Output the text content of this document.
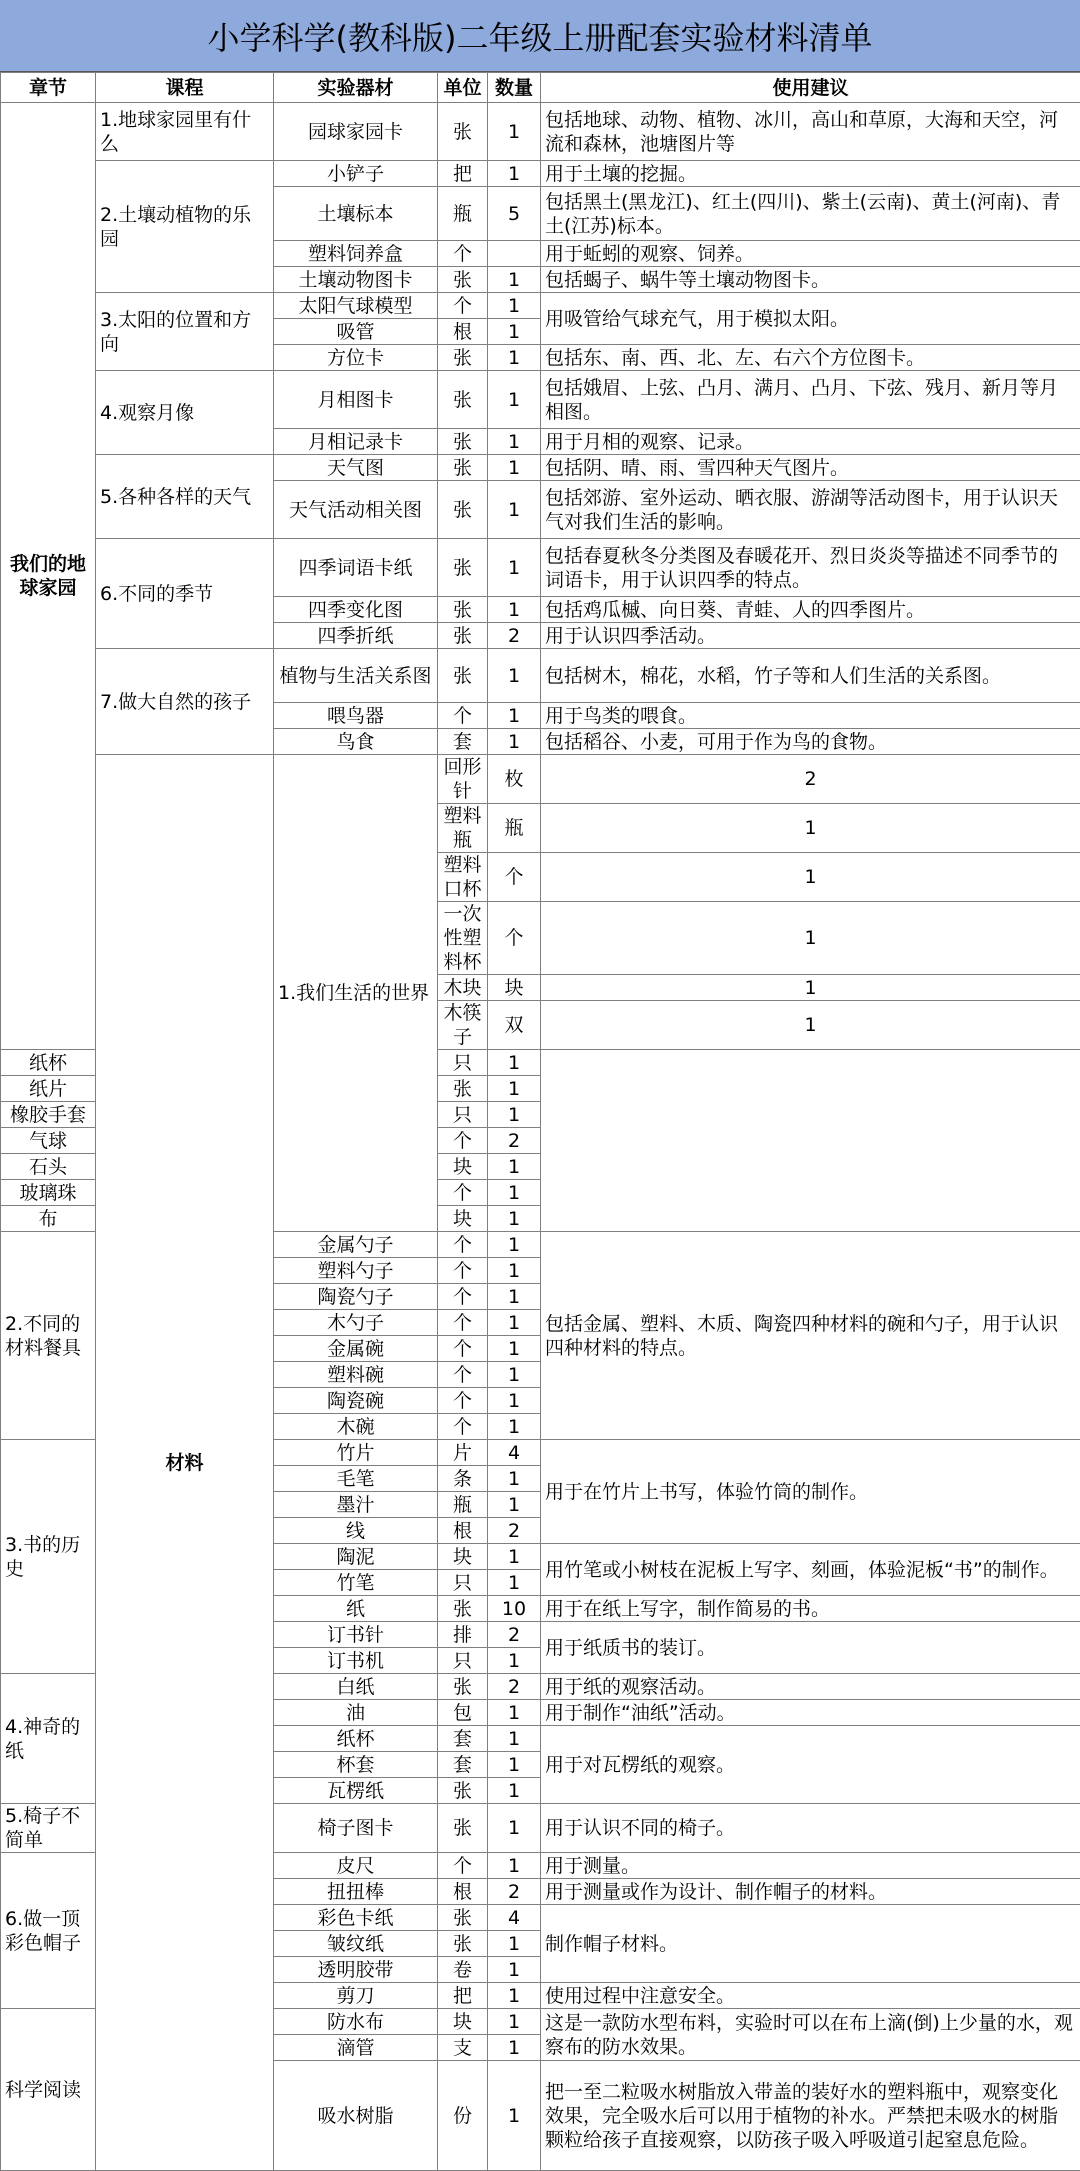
小学科学(教科版)二年级上册配套实验材料清单
章节	课程	实验器材	单位	数量	使用建议	
我们的地球家园	1.地球家园里有什么	园球家园卡	张	1	包括地球、动物、植物、冰川，高山和草原，大海和天空，河流和森林，池塘图片等	
	2.土壤动植物的乐园	小铲子	把	1	用于土壤的挖掘。	
		土壤标本	瓶	5	包括黑土(黑龙江)、红土(四川)、紫土(云南)、黄土(河南)、青土(江苏)标本。	
		塑料饲养盒	个		用于蚯蚓的观察、饲养。	
		土壤动物图卡	张	1	包括蝎子、蜗牛等土壤动物图卡。	
	3.太阳的位置和方向	太阳气球模型	个	1	用吸管给气球充气，用于模拟太阳。	
		吸管	根	1		
		方位卡	张	1	包括东、南、西、北、左、右六个方位图卡。	
	4.观察月像	月相图卡	张	1	包括娥眉、上弦、凸月、满月、凸月、下弦、残月、新月等月相图。	
		月相记录卡	张	1	用于月相的观察、记录。	
	5.各种各样的天气	天气图	张	1	包括阴、晴、雨、雪四种天气图片。	
		天气活动相关图	张	1	包括郊游、室外运动、晒衣服、游湖等活动图卡，用于认识天气对我们生活的影响。	
	6.不同的季节	四季词语卡纸	张	1	包括春夏秋冬分类图及春暖花开、烈日炎炎等描述不同季节的词语卡，用于认识四季的特点。	
		四季变化图	张	1	包括鸡瓜槭、向日葵、青蛙、人的四季图片。	
		四季折纸	张	2	用于认识四季活动。	
	7.做大自然的孩子	植物与生活关系图	张	1	包括树木，棉花，水稻，竹子等和人们生活的关系图。	
		喂鸟器	个	1	用于鸟类的喂食。	
		鸟食	套	1	包括稻谷、小麦，可用于作为鸟的食物。	
	材料	1.我们生活的世界	回形针	枚	2	
			塑料瓶	瓶	1	
			塑料口杯	个	1	
			一次性塑料杯	个	1	
			木块	块	1	
			木筷子	双	1	
纸杯			只	1		
纸片			张	1		
橡胶手套			只	1		
气球			个	2		
石头			块	1		
玻璃珠			个	1		
布			块	1		
2.不同的材料餐具		金属勺子	个	1	包括金属、塑料、木质、陶瓷四种材料的碗和勺子，用于认识四种材料的特点。	
		塑料勺子	个	1		
		陶瓷勺子	个	1		
		木勺子	个	1		
		金属碗	个	1		
		塑料碗	个	1		
		陶瓷碗	个	1		
		木碗	个	1		
3.书的历史		竹片	片	4	用于在竹片上书写，体验竹筒的制作。	
		毛笔	条	1		
		墨汁	瓶	1		
		线	根	2		
		陶泥	块	1	用竹笔或小树枝在泥板上写字、刻画，体验泥板“书”的制作。	
		竹笔	只	1		
		纸	张	10	用于在纸上写字，制作简易的书。	
		订书针	排	2	用于纸质书的装订。	
		订书机	只	1		
4.神奇的纸		白纸	张	2	用于纸的观察活动。	
		油	包	1	用于制作“油纸”活动。	
		纸杯	套	1	用于对瓦楞纸的观察。	
		杯套	套	1		
		瓦楞纸	张	1		
5.椅子不简单		椅子图卡	张	1	用于认识不同的椅子。	
6.做一顶彩色帽子		皮尺	个	1	用于测量。	
		扭扭棒	根	2	用于测量或作为设计、制作帽子的材料。	
		彩色卡纸	张	4	制作帽子材料。	
		皱纹纸	张	1		
		透明胶带	卷	1		
		剪刀	把	1	使用过程中注意安全。	
科学阅读		防水布	块	1	这是一款防水型布料，实验时可以在布上滴(倒)上少量的水，观察布的防水效果。	
		滴管	支	1		
		吸水树脂	份	1	把一至二粒吸水树脂放入带盖的装好水的塑料瓶中，观察变化效果，完全吸水后可以用于植物的补水。严禁把未吸水的树脂颗粒给孩子直接观察，以防孩子吸入呼吸道引起窒息危险。	
